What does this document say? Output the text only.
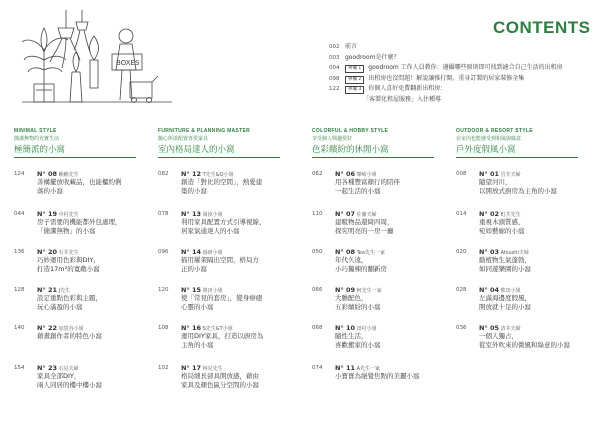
BOXES
CONTENTS
002 前言
003 goodroom是什麼？
004	專欄 1 goodroom 工作人員教你：邊攝哪些原則即可找到適合自己生活的出租房
098	專欄 2 出租房也沒問題！解說讓推打開，重身訂製的居家裝修全集
122	專欄 3 你個人喜好免費翻新出租房：
「客製化租屋服務」入住種導
MINIMAL STYLE
簡潔無物的充實生活
極簡派的小窩
124 N° 08 賴賴先生
善構擺放收藏品，也能櫃約俐
落的小窩
044 N° 19 中村先生
房子需要的機能都外包處理，
「簡潔無物」的小窩
136 N° 20 石井先生
巧妙運用色彩與DIY，
打造17m²的寬敞小窩
128 N° 21 J先生
設定重點色彩與主題，
玩心滿盈的小窩
140 N° 22 加賀谷小姐
藉畫創作者的特色小窩
154 N° 23 石見夫婦
家具全部DIY，
兩人同居的樓中樓小窩
FURNITURE & PLANNING MASTER
隨心所欲配置喜愛家具
室內格局達人的小窩
082 N° 12 T先生&O小姐
創造「對比的空間」，熱愛建
築的小窩
078 N° 13 岡淳小姐
利用家具配置方式引導視線，
居家氣通達人的小窩
096 N° 14 湯研小姐
描用屢架隔出空間，格局方
正的小窩
120 N° 15 篠田小姐
使「常見的套房」，變身療癒
心靈的小窩
108 N° 16 S先生&T小姐
運用DIY家具，打造以廚房為
主角的小窩
102 N° 17 林見先生
格局細長卻具開放感，藉由
家具及顏色區分空間的小窩
COLORFUL & HOBBY STYLE
享受個人興趣愛好
色彩繽紛的休閒小窩
062 N° 06 攀崎小姐
用各種豐富顏行的陪伴
一起生活的小窩
110 N° 07 佐藤夫婦
建駁物品還綺四周，
探究明亮的一房一廳
050 N° 08 Tea先生一家
年代久遠，
小巧獨棟的翻新房
066 N° 09 柯先生一家
大膽配色，
五彩繽紛的小窩
068 N° 10 田村小姐
隨性生活，
喜歡搬家的小窩
074 N° 11 A先生一家
小寶寶為絕覺焦點的美麗小窩
OUTDOOR & RESORT STYLE
在室內也能感受到和風與綠意
戶外度假風小窩
008 N° 01 岩井夫婦
隨望河川，
以開放式廚房為主角的小窩
014 N° 02 町井先生
重視木頭質感，
宛如藝廊的小窩
020 N° 03 Atsushi夫婦
動植物生氣蓬勃，
如同遊樂園的小窩
028 N° 04 熊田小姐
左滿海邊度假風，
開放就十足的小窩
036 N° 05 清井夫婦
一個人獨占，
從室外吹來的微風和綠意的小窩
